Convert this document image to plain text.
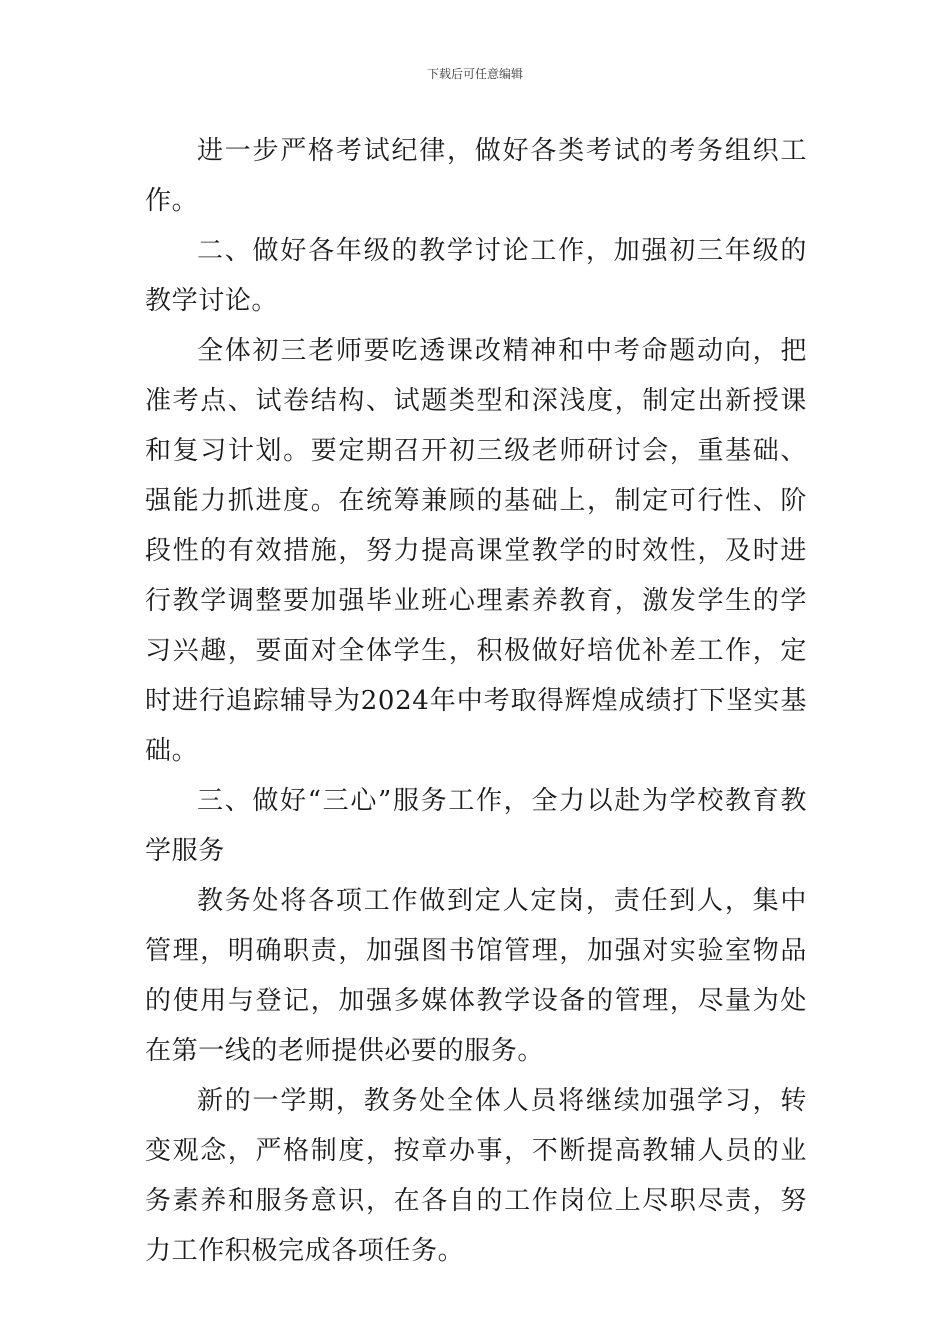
下载后可任意编辑

进一步严格考试纪律，做好各类考试的考务组织工作。

二、做好各年级的教学讨论工作，加强初三年级的教学讨论。

全体初三老师要吃透课改精神和中考命题动向，把准考点、试卷结构、试题类型和深浅度，制定出新授课和复习计划。要定期召开初三级老师研讨会，重基础、强能力抓进度。在统筹兼顾的基础上，制定可行性、阶段性的有效措施，努力提高课堂教学的时效性，及时进行教学调整要加强毕业班心理素养教育，激发学生的学习兴趣，要面对全体学生，积极做好培优补差工作，定时进行追踪辅导为2024年中考取得辉煌成绩打下坚实基础。

三、做好“三心”服务工作，全力以赴为学校教育教学服务

教务处将各项工作做到定人定岗，责任到人，集中管理，明确职责，加强图书馆管理，加强对实验室物品的使用与登记，加强多媒体教学设备的管理，尽量为处在第一线的老师提供必要的服务。

新的一学期，教务处全体人员将继续加强学习，转变观念，严格制度，按章办事，不断提高教辅人员的业务素养和服务意识，在各自的工作岗位上尽职尽责，努力工作积极完成各项任务。
